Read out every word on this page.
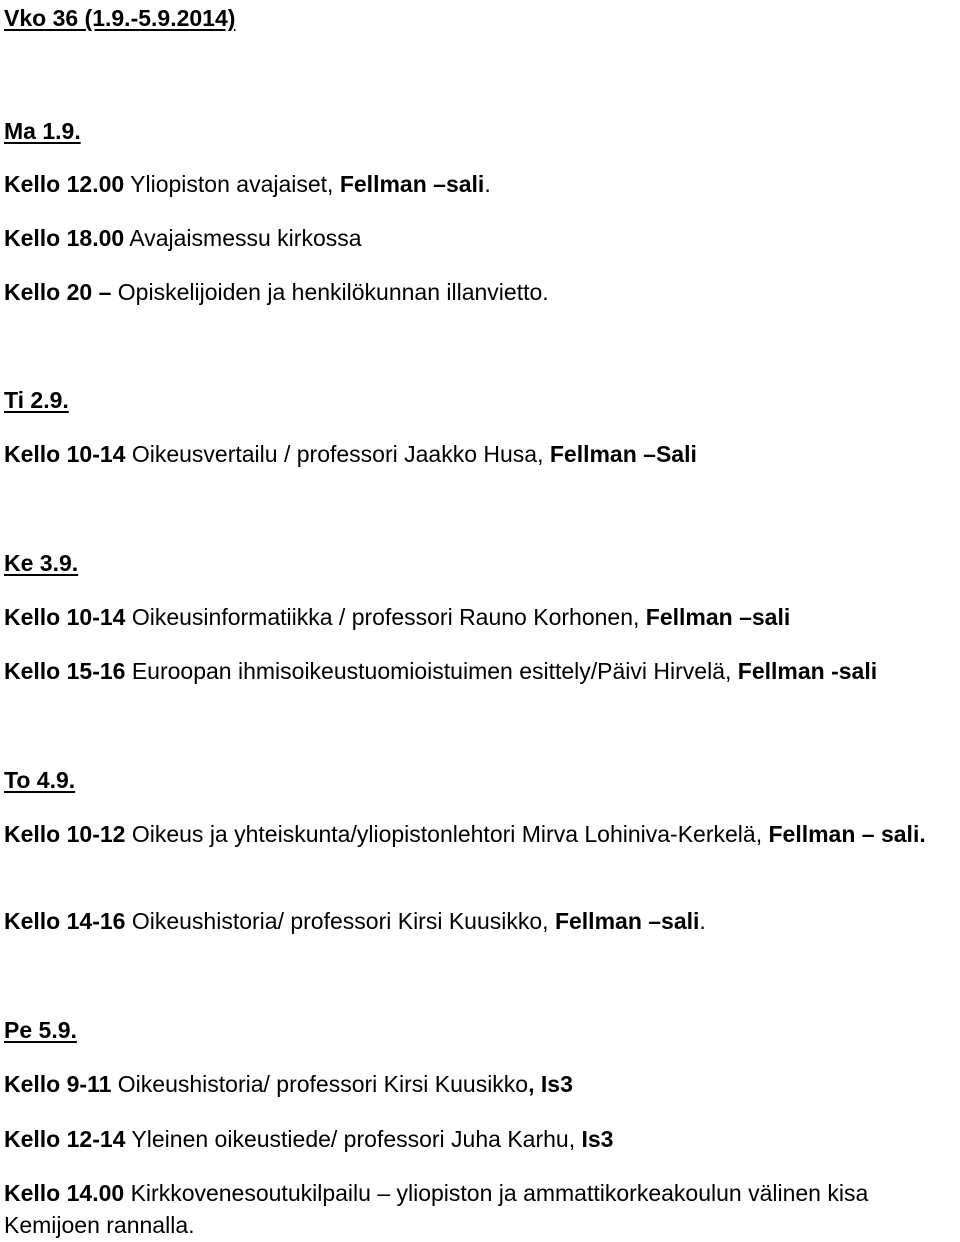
Vko 36 (1.9.-5.9.2014)
Ma 1.9.
Kello 12.00 Yliopiston avajaiset, Fellman –sali.
Kello 18.00 Avajaismessu kirkossa
Kello 20 – Opiskelijoiden ja henkilökunnan illanvietto.
Ti 2.9.
Kello 10-14 Oikeusvertailu / professori Jaakko Husa, Fellman –Sali
Ke 3.9.
Kello 10-14 Oikeusinformatiikka / professori Rauno Korhonen, Fellman –sali
Kello 15-16 Euroopan ihmisoikeustuomioistuimen esittely/Päivi Hirvelä, Fellman -sali
To 4.9.
Kello 10-12 Oikeus ja yhteiskunta/yliopistonlehtori Mirva Lohiniva-Kerkelä, Fellman – sali.
Kello 14-16 Oikeushistoria/ professori Kirsi Kuusikko, Fellman –sali.
Pe 5.9.
Kello 9-11 Oikeushistoria/ professori Kirsi Kuusikko, Is3
Kello 12-14 Yleinen oikeustiede/ professori Juha Karhu, Is3
Kello 14.00 Kirkkovenesoutukilpailu – yliopiston ja ammattikorkeakoulun välinen kisa Kemijoen rannalla.
